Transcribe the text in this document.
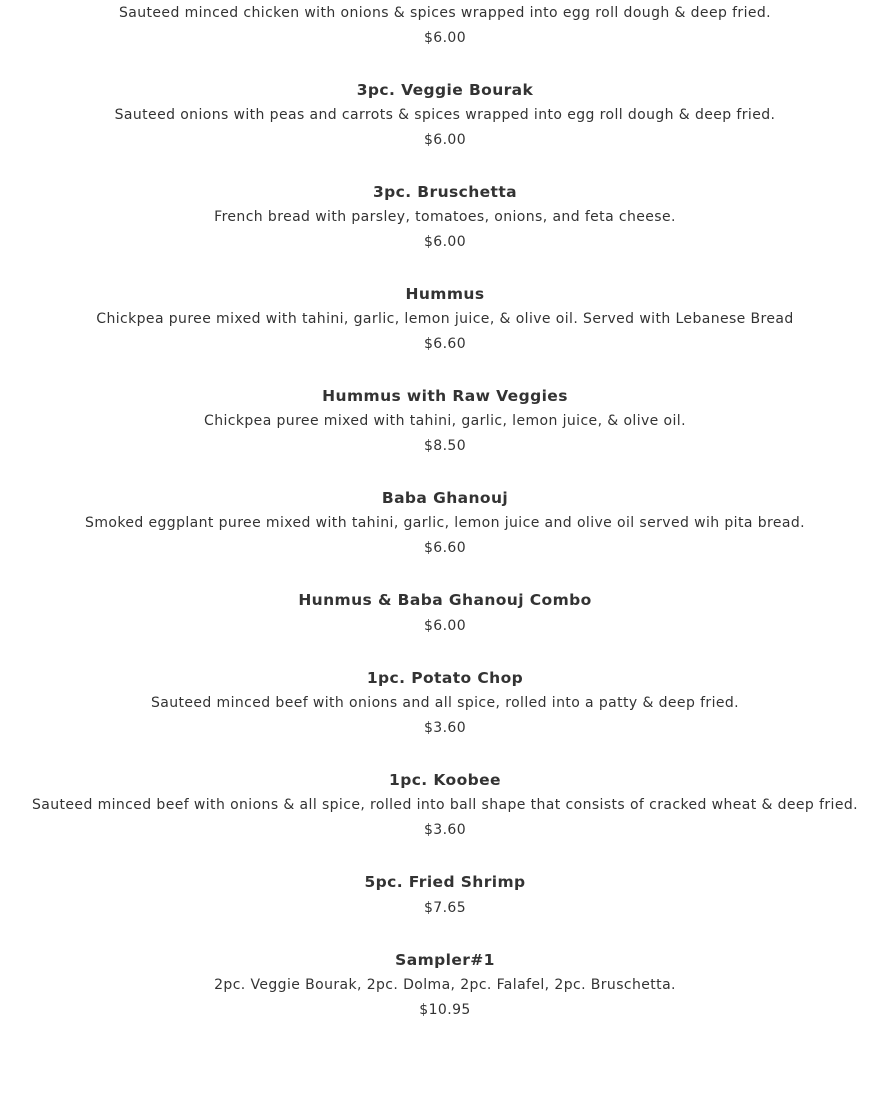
Sauteed minced chicken with onions & spices wrapped into egg roll dough & deep fried.

$6.00

3pc. Veggie Bourak

Sauteed onions with peas and carrots & spices wrapped into egg roll dough & deep fried.

$6.00

3pc. Bruschetta

French bread with parsley, tomatoes, onions, and feta cheese.

$6.00

Hummus

Chickpea puree mixed with tahini, garlic, lemon juice, & olive oil. Served with Lebanese Bread

$6.60

Hummus with Raw Veggies

Chickpea puree mixed with tahini, garlic, lemon juice, & olive oil.

$8.50

Baba Ghanouj

Smoked eggplant puree mixed with tahini, garlic, lemon juice and olive oil served wih pita bread.

$6.60

Hunmus & Baba Ghanouj Combo

$6.00

1pc. Potato Chop

Sauteed minced beef with onions and all spice, rolled into a patty & deep fried.

$3.60

1pc. Koobee

Sauteed minced beef with onions & all spice, rolled into ball shape that consists of cracked wheat & deep fried.

$3.60

5pc. Fried Shrimp

$7.65

Sampler#1

2pc. Veggie Bourak, 2pc. Dolma, 2pc. Falafel, 2pc. Bruschetta.

$10.95
